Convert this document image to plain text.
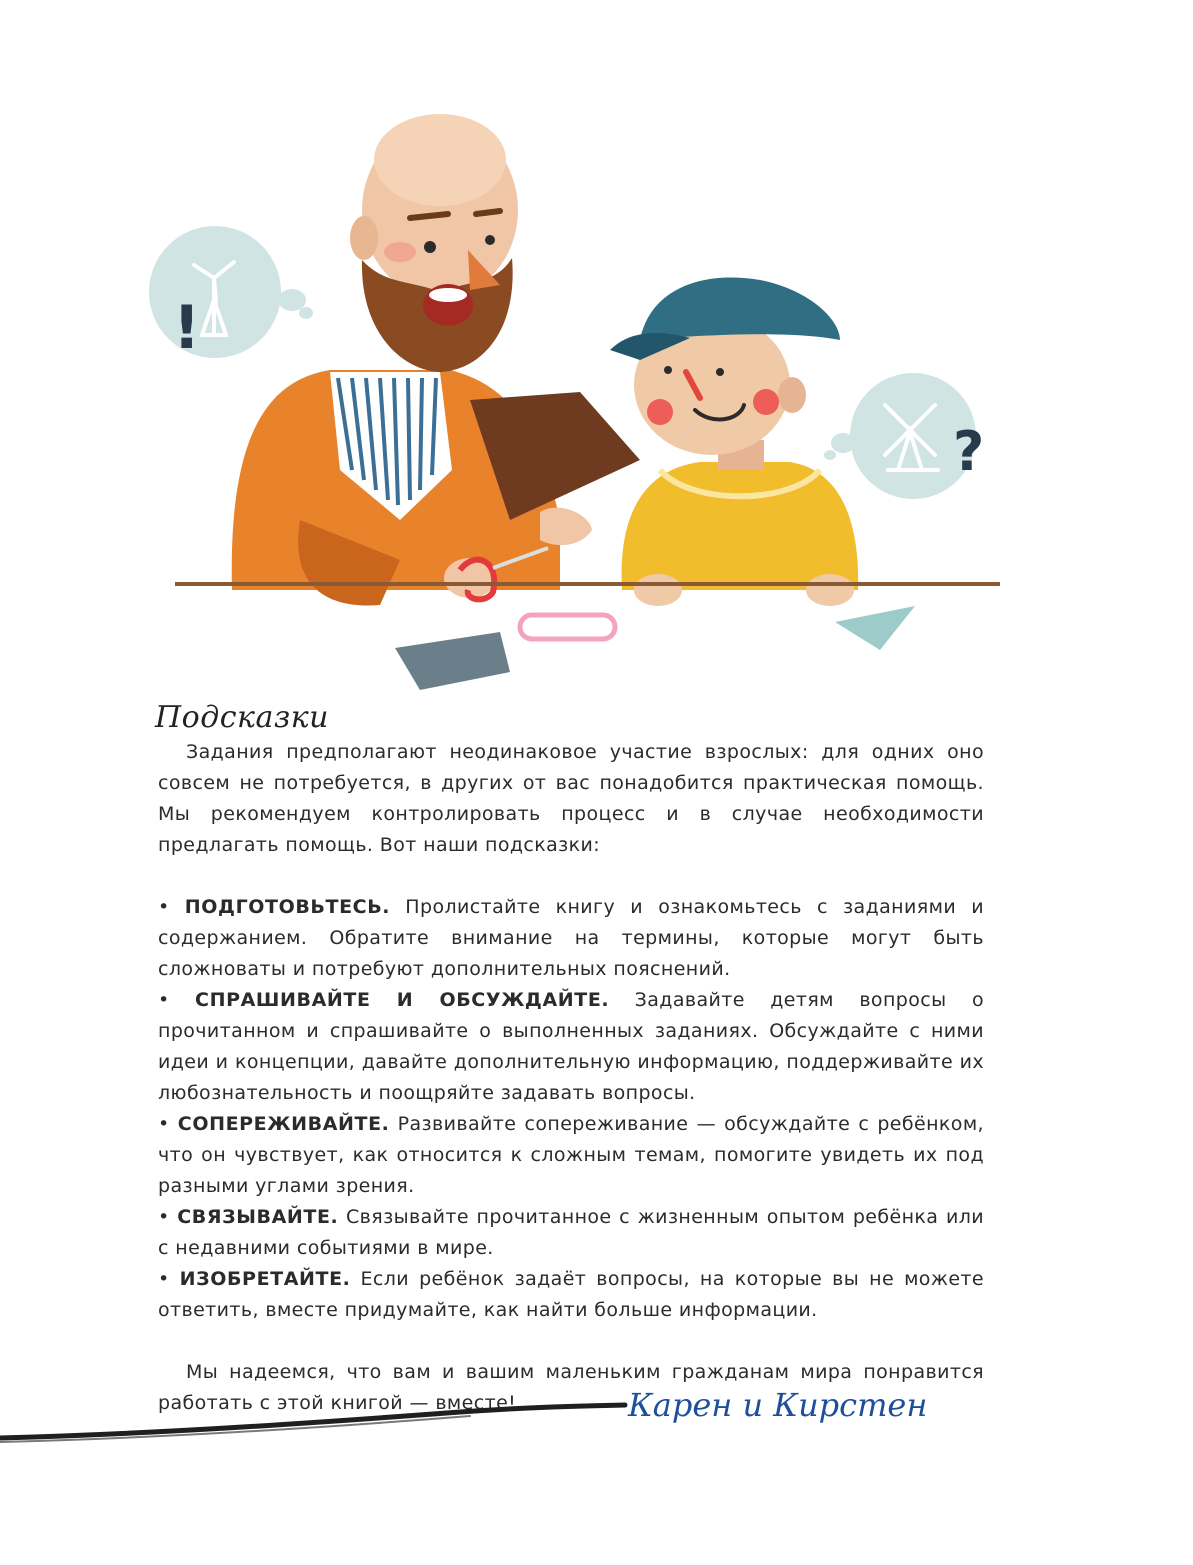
!
?
Подсказки

Задания предполагают неодинаковое участие взрослых: для одних оно совсем не потребуется, в других от вас понадобится практическая помощь. Мы рекомендуем контролировать процесс и в случае необходимости предлагать помощь. Вот наши подсказки:

• ПОДГОТОВЬТЕСЬ. Пролистайте книгу и ознакомьтесь с заданиями и содержанием. Обратите внимание на термины, которые могут быть сложноваты и потребуют дополнительных пояснений.

• СПРАШИВАЙТЕ И ОБСУЖДАЙТЕ. Задавайте детям вопросы о прочитанном и спрашивайте о выполненных заданиях. Обсуждайте с ними идеи и концепции, давайте дополнительную информацию, поддерживайте их любознательность и поощряйте задавать вопросы.

• СОПЕРЕЖИВАЙТЕ. Развивайте сопереживание — обсуждайте с ребёнком, что он чувствует, как относится к сложным темам, помогите увидеть их под разными углами зрения.

• СВЯЗЫВАЙТЕ. Связывайте прочитанное с жизненным опытом ребёнка или с недавними событиями в мире.

• ИЗОБРЕТАЙТЕ. Если ребёнок задаёт вопросы, на которые вы не можете ответить, вместе придумайте, как найти больше информации.

Мы надеемся, что вам и вашим маленьким гражданам мира понравится работать с этой книгой — вместе!	Карен и Кирстен
